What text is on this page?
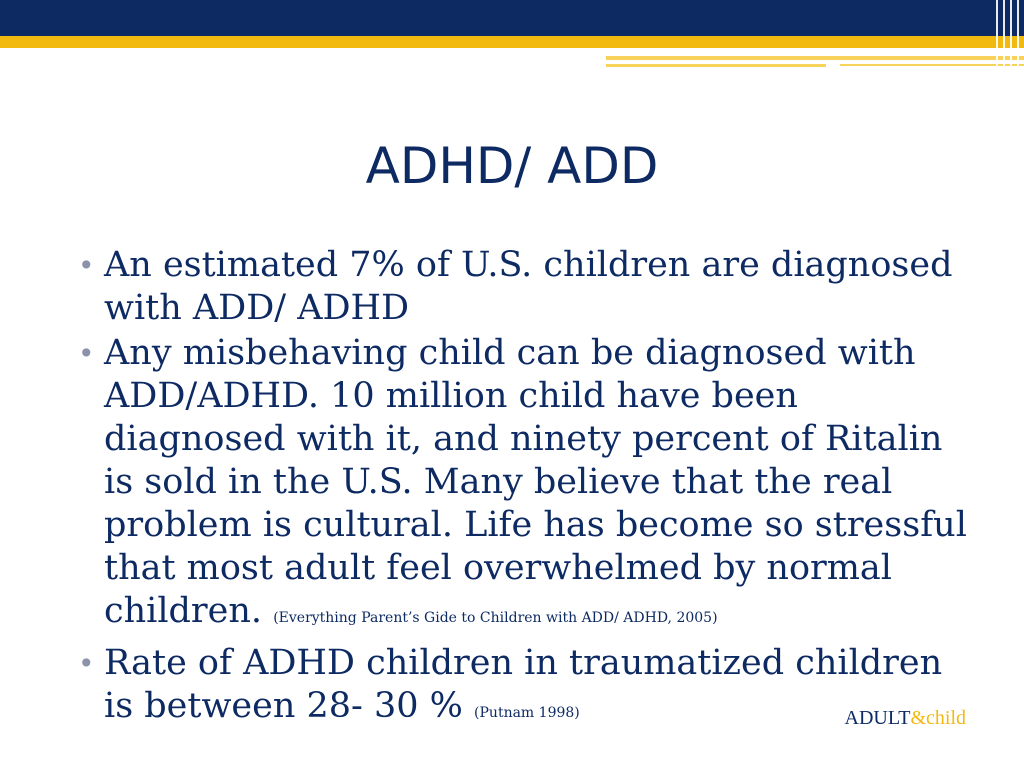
ADHD/ ADD
• An estimated 7% of U.S. children are diagnosed with ADD/ ADHD
• Any misbehaving child can be diagnosed with ADD/ADHD. 10 million child have been diagnosed with it, and ninety percent of Ritalin is sold in the U.S. Many believe that the real problem is cultural. Life has become so stressful that most adult feel overwhelmed by normal children. (Everything Parent’s Gide to Children with ADD/ ADHD, 2005)
• Rate of ADHD children in traumatized children is between 28- 30 % (Putnam 1998)	ADULT&child
